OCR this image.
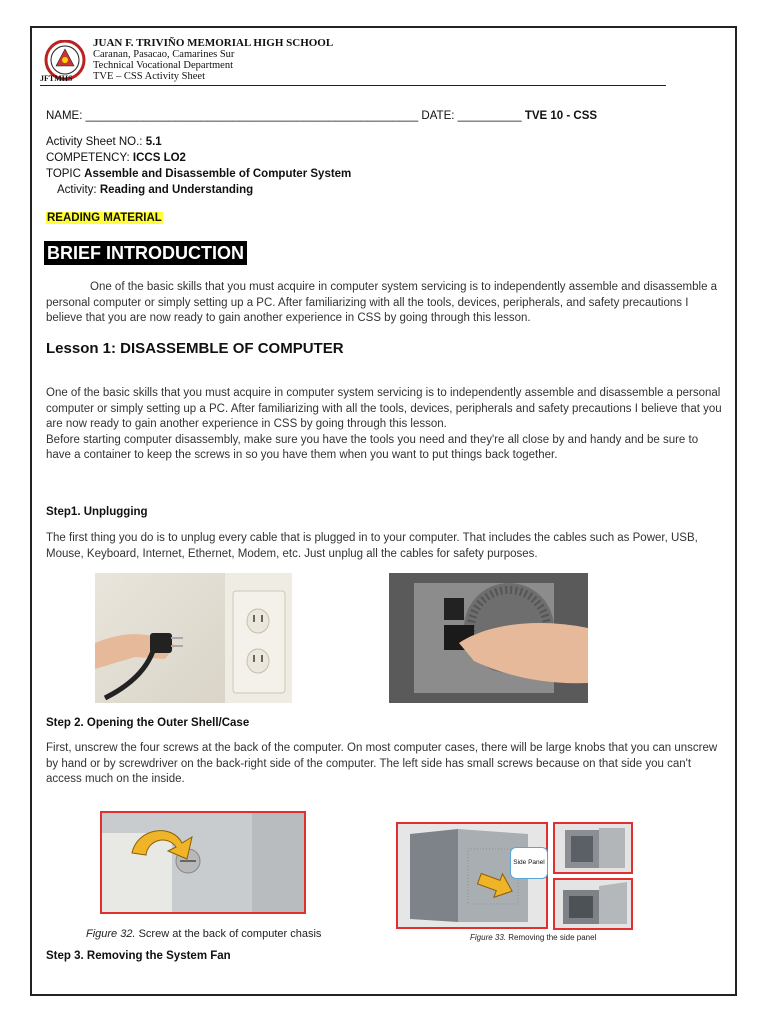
JFTMHS
JUAN F. TRIVIÑO MEMORIAL HIGH SCHOOL
Caranan, Pasacao, Camarines Sur
Technical Vocational Department
TVE – CSS Activity Sheet
NAME: ____________________________________________________ DATE: __________ TVE 10 - CSS
Activity Sheet NO.: 5.1
COMPETENCY: ICCS LO2
TOPIC Assemble and Disassemble of Computer System
Activity: Reading and Understanding
READING MATERIAL
BRIEF INTRODUCTION
One of the basic skills that you must acquire in computer system servicing is to independently assemble and disassemble a personal computer or simply setting up a PC. After familiarizing with all the tools, devices, peripherals, and safety precautions I believe that you are now ready to gain another experience in CSS by going through this lesson.
Lesson 1: DISASSEMBLE OF COMPUTER
One of the basic skills that you must acquire in computer system servicing is to independently assemble and disassemble a personal computer or simply setting up a PC. After familiarizing with all the tools, devices, peripherals and safety precautions I believe that you are now ready to gain another experience in CSS by going through this lesson.
Before starting computer disassembly, make sure you have the tools you need and they're all close by and handy and be sure to have a container to keep the screws in so you have them when you want to put things back together.
Step1. Unplugging
The first thing you do is to unplug every cable that is plugged in to your computer. That includes the cables such as Power, USB, Mouse, Keyboard, Internet, Ethernet, Modem, etc. Just unplug all the cables for safety purposes.
Step 2. Opening the Outer Shell/Case
First, unscrew the four screws at the back of the computer. On most computer cases, there will be large knobs that you can unscrew by hand or by screwdriver on the back-right side of the computer. The left side has small screws because on that side you can't access much on the inside.
Figure 32. Screw at the back of computer chasis
Side Panel
Figure 33. Removing the side panel
Step 3. Removing the System Fan
